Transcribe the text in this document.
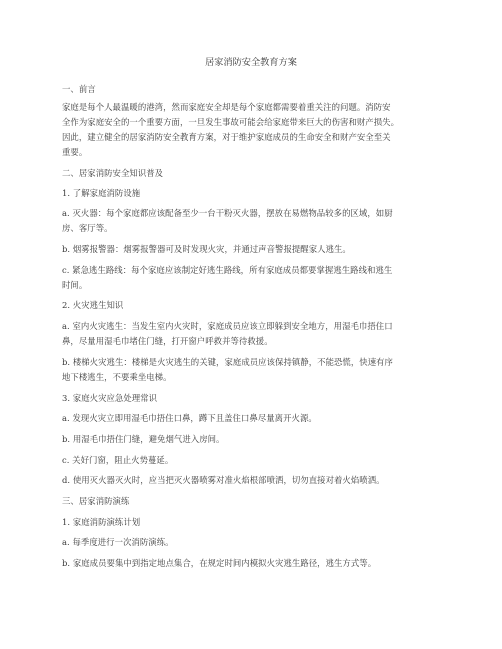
居家消防安全教育方案
一、前言
家庭是每个人最温暖的港湾，然而家庭安全却是每个家庭都需要着重关注的问题。消防安
全作为家庭安全的一个重要方面，一旦发生事故可能会给家庭带来巨大的伤害和财产损失。
因此，建立健全的居家消防安全教育方案，对于维护家庭成员的生命安全和财产安全至关
重要。
二、居家消防安全知识普及
1. 了解家庭消防设施
a. 灭火器：每个家庭都应该配备至少一台干粉灭火器，摆放在易燃物品较多的区域，如厨
房、客厅等。
b. 烟雾报警器：烟雾报警器可及时发现火灾，并通过声音警报提醒家人逃生。
c. 紧急逃生路线：每个家庭应该制定好逃生路线，所有家庭成员都要掌握逃生路线和逃生
时间。
2. 火灾逃生知识
a. 室内火灾逃生：当发生室内火灾时，家庭成员应该立即躲到安全地方，用湿毛巾捂住口
鼻，尽量用湿毛巾堵住门缝，打开窗户呼救并等待救援。
b. 楼梯火灾逃生：楼梯是火灾逃生的关键，家庭成员应该保持镇静，不能恐慌，快速有序
地下楼逃生，不要乘坐电梯。
3. 家庭火灾应急处理常识
a. 发现火灾立即用湿毛巾捂住口鼻，蹲下且盖住口鼻尽量离开火源。
b. 用湿毛巾捂住门缝，避免烟气进入房间。
c. 关好门窗，阻止火势蔓延。
d. 使用灭火器灭火时，应当把灭火器喷雾对准火焰根部喷洒，切勿直接对着火焰喷洒。
三、居家消防演练
1. 家庭消防演练计划
a. 每季度进行一次消防演练。
b. 家庭成员要集中到指定地点集合，在规定时间内模拟火灾逃生路径，逃生方式等。
